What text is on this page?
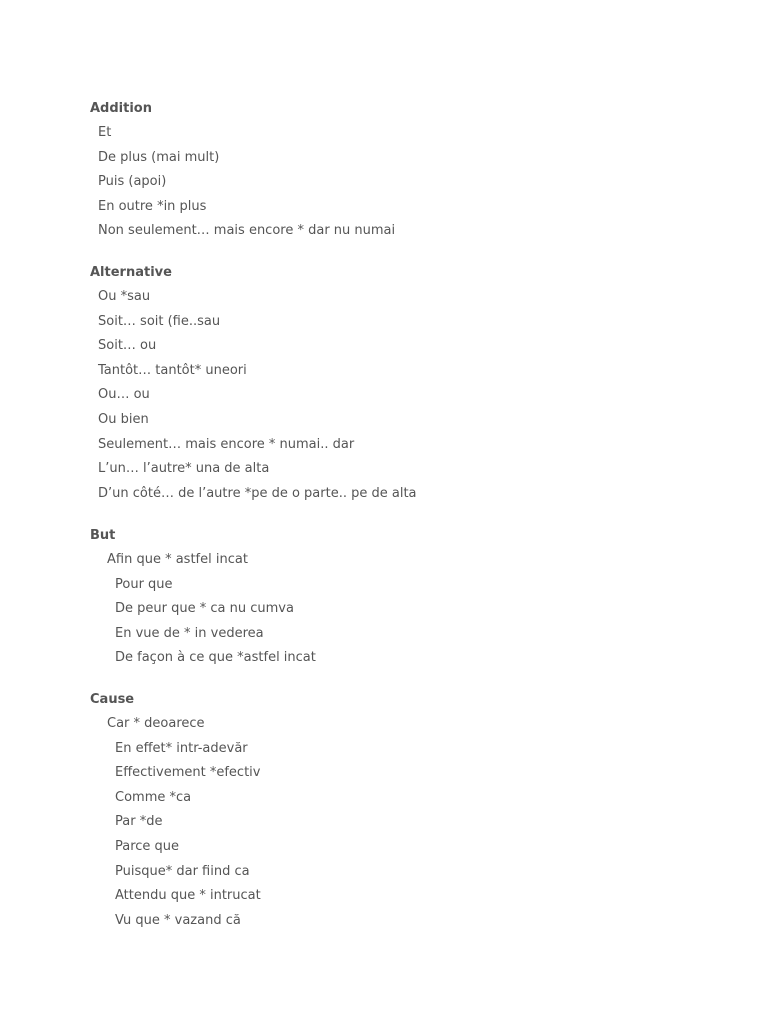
Addition
Et
De plus (mai mult)
Puis (apoi)
En outre *in plus
Non seulement… mais encore * dar nu numai
Alternative
Ou *sau
Soit… soit (fie..sau
Soit… ou
Tantôt… tantôt* uneori
Ou… ou
Ou bien
Seulement… mais encore * numai.. dar
L’un… l’autre* una de alta
D’un côté… de l’autre *pe de o parte.. pe de alta
But
Afin que * astfel incat
Pour que
De peur que * ca nu cumva
En vue de * in vederea
De façon à ce que *astfel incat
Cause
Car * deoarece
En effet* intr-adevăr
Effectivement *efectiv
Comme *ca
Par *de
Parce que
Puisque* dar fiind ca
Attendu que * intrucat
Vu que * vazand că
